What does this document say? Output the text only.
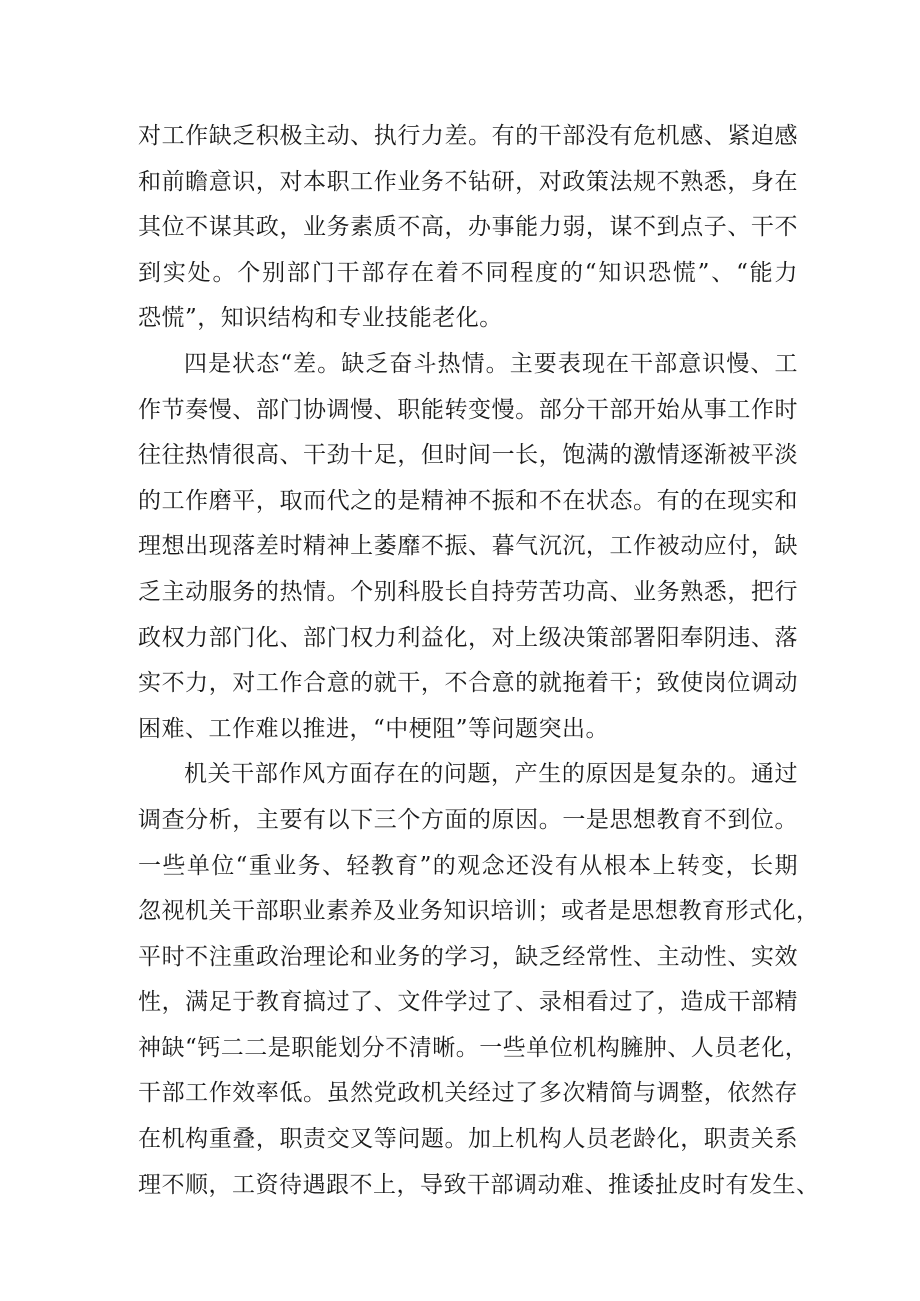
对工作缺乏积极主动、执行力差。有的干部没有危机感、紧迫感
和前瞻意识，对本职工作业务不钻研，对政策法规不熟悉，身在
其位不谋其政，业务素质不高，办事能力弱，谋不到点子、干不
到实处。个别部门干部存在着不同程度的“知识恐慌”、“能力
恐慌”，知识结构和专业技能老化。
四是状态“差。缺乏奋斗热情。主要表现在干部意识慢、工
作节奏慢、部门协调慢、职能转变慢。部分干部开始从事工作时
往往热情很高、干劲十足，但时间一长，饱满的激情逐渐被平淡
的工作磨平，取而代之的是精神不振和不在状态。有的在现实和
理想出现落差时精神上萎靡不振、暮气沉沉，工作被动应付，缺
乏主动服务的热情。个别科股长自持劳苦功高、业务熟悉，把行
政权力部门化、部门权力利益化，对上级决策部署阳奉阴违、落
实不力，对工作合意的就干，不合意的就拖着干；致使岗位调动
困难、工作难以推进，“中梗阻”等问题突出。
机关干部作风方面存在的问题，产生的原因是复杂的。通过
调查分析，主要有以下三个方面的原因。一是思想教育不到位。
一些单位“重业务、轻教育”的观念还没有从根本上转变，长期
忽视机关干部职业素养及业务知识培训；或者是思想教育形式化，
平时不注重政治理论和业务的学习，缺乏经常性、主动性、实效
性，满足于教育搞过了、文件学过了、录相看过了，造成干部精
神缺“钙二二是职能划分不清晰。一些单位机构臃肿、人员老化，
干部工作效率低。虽然党政机关经过了多次精简与调整，依然存
在机构重叠，职责交叉等问题。加上机构人员老龄化，职责关系
理不顺，工资待遇跟不上，导致干部调动难、推诿扯皮时有发生、
